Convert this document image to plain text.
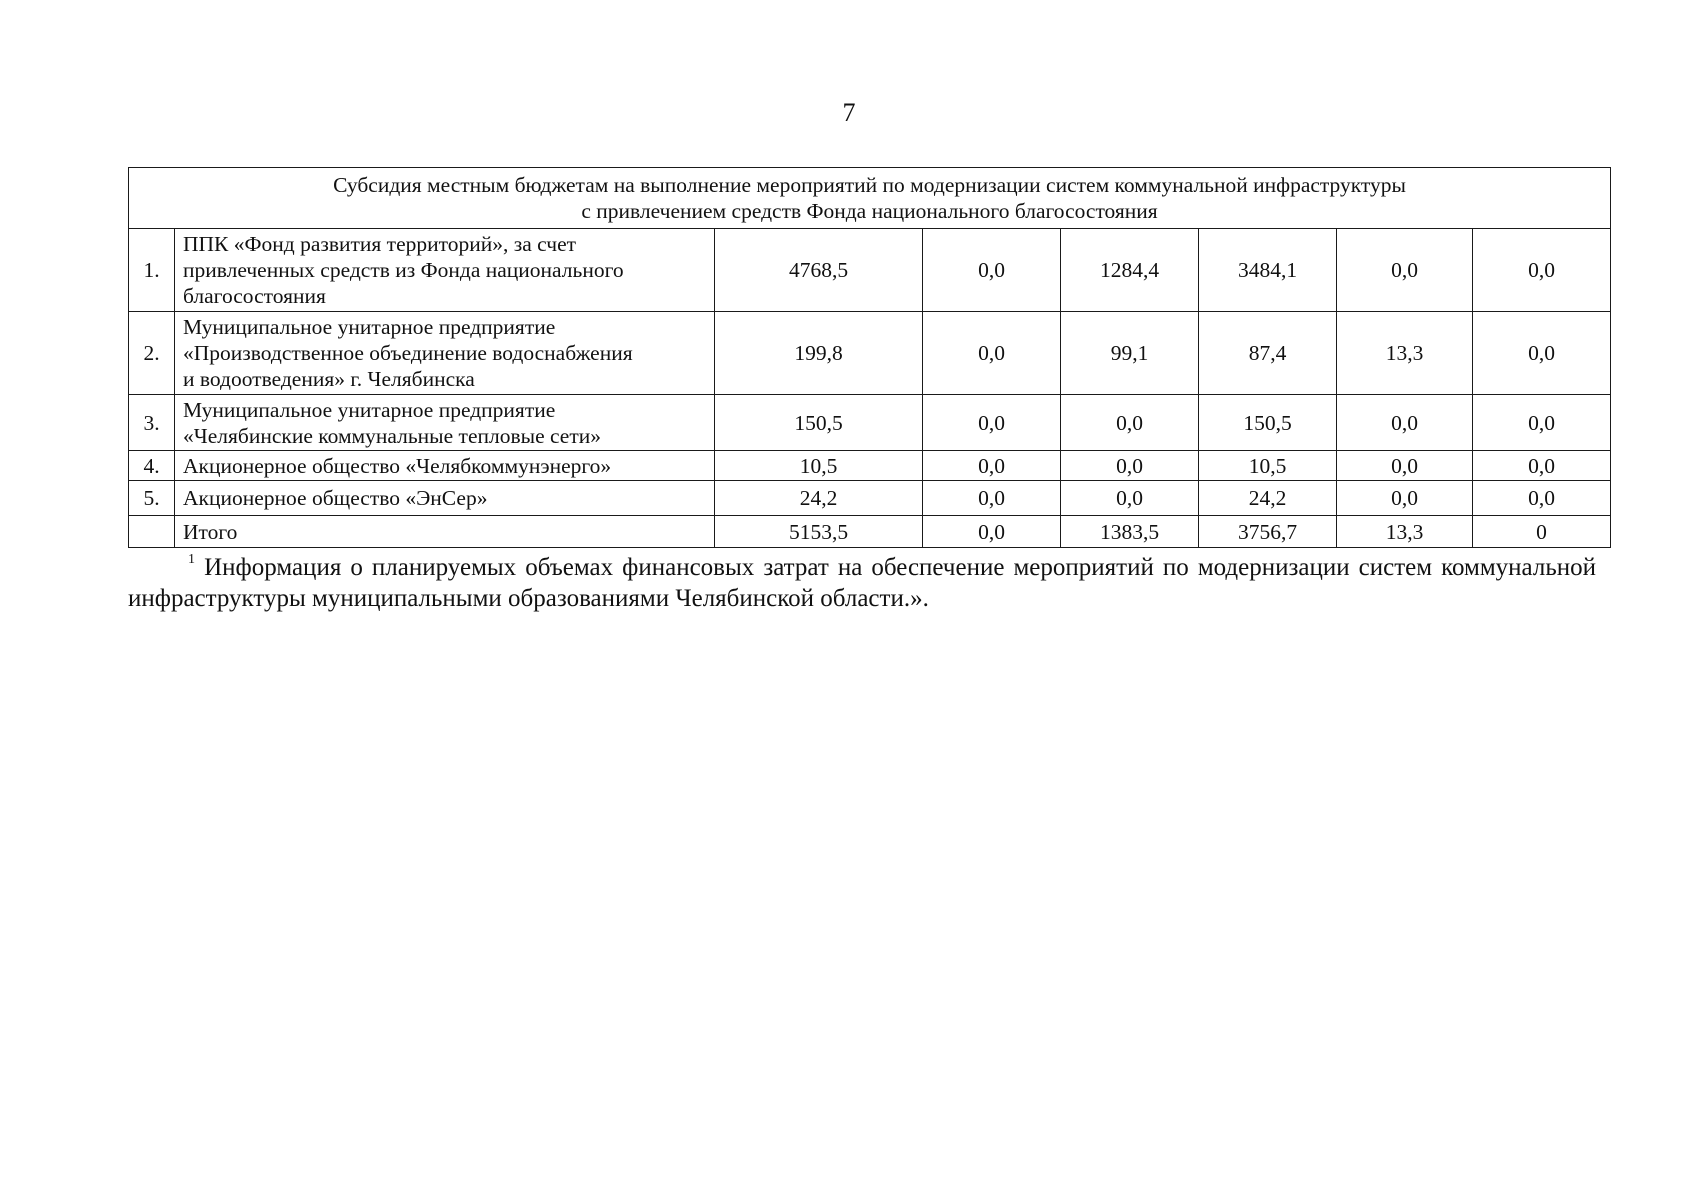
7
Субсидия местным бюджетам на выполнение мероприятий по модернизации систем коммунальной инфраструктуры
с привлечением средств Фонда национального благосостояния							

1.	ППК «Фонд развития территорий», за счет
привлеченных средств из Фонда национального
благосостояния	4768,5	0,0	1284,4	3484,1	0,0	0,0
2.	Муниципальное унитарное предприятие
«Производственное объединение водоснабжения
и водоотведения» г. Челябинска	199,8	0,0	99,1	87,4	13,3	0,0
3.	Муниципальное унитарное предприятие
«Челябинские коммунальные тепловые сети»	150,5	0,0	0,0	150,5	0,0	0,0
4.	Акционерное общество «Челябкоммунэнерго»	10,5	0,0	0,0	10,5	0,0	0,0
5.	Акционерное общество «ЭнСер»	24,2	0,0	0,0	24,2	0,0	0,0
	Итого	5153,5	0,0	1383,5	3756,7	13,3	0
$^1$ Информация о планируемых объемах финансовых затрат на обеспечение мероприятий по модернизации систем коммунальной инфраструктуры муниципальными образованиями Челябинской области.».
